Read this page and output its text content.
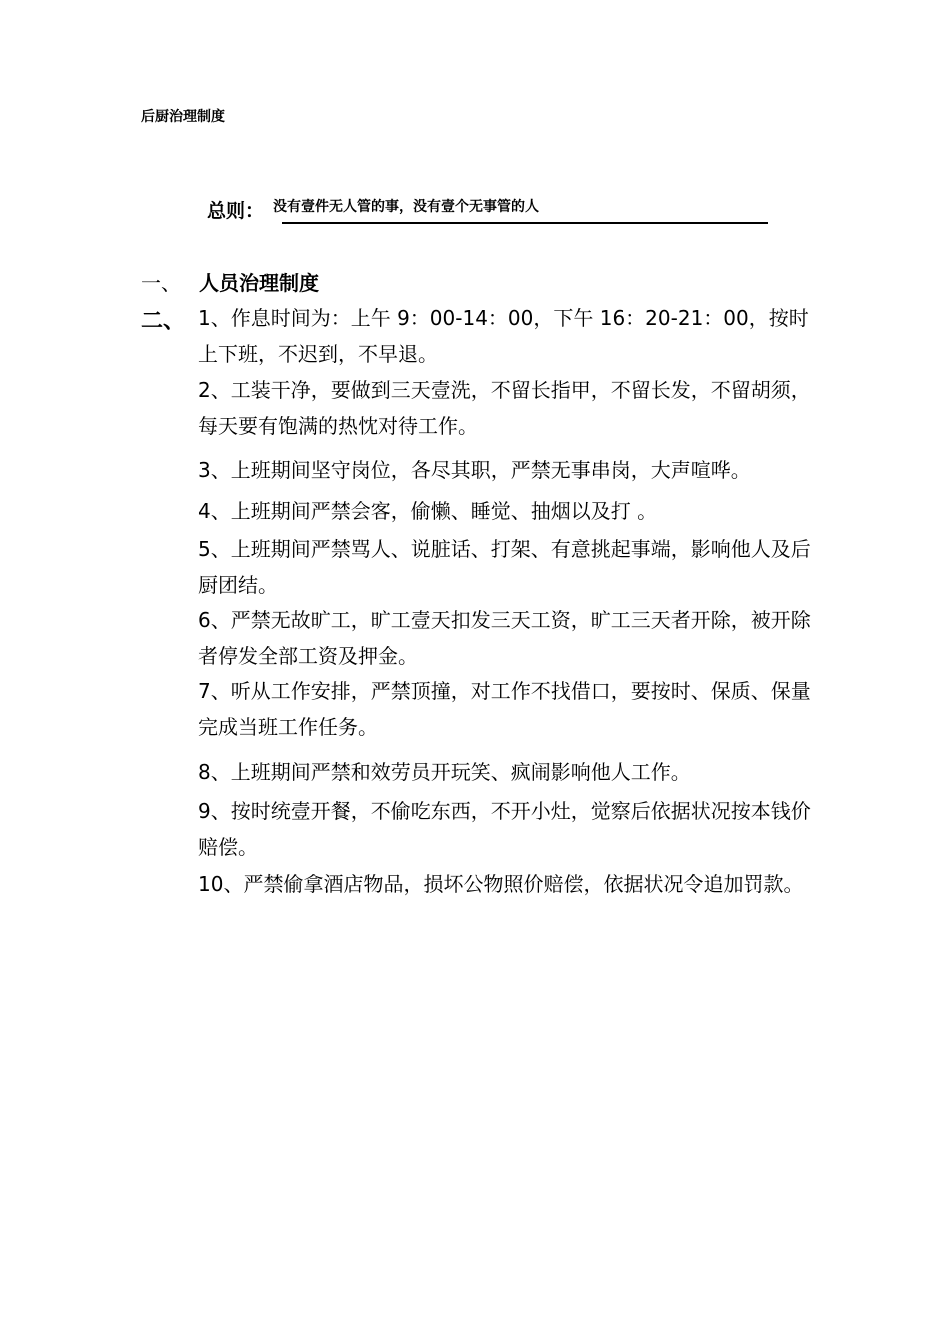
后厨治理制度
总则： 没有壹件无人管的事，没有壹个无事管的人
一、 人员治理制度
二、 1、作息时间为：上午 9：00-14：00，下午 16：20-21：00，按时上下班，不迟到，不早退。
2、工装干净，要做到三天壹洗，不留长指甲，不留长发，不留胡须，每天要有饱满的热忱对待工作。
3、上班期间坚守岗位，各尽其职，严禁无事串岗，大声喧哗。
4、上班期间严禁会客，偷懒、睡觉、抽烟以及打 。
5、上班期间严禁骂人、说脏话、打架、有意挑起事端，影响他人及后厨团结。
6、严禁无故旷工，旷工壹天扣发三天工资，旷工三天者开除，被开除者停发全部工资及押金。
7、听从工作安排，严禁顶撞，对工作不找借口，要按时、保质、保量完成当班工作任务。
8、上班期间严禁和效劳员开玩笑、疯闹影响他人工作。
9、按时统壹开餐，不偷吃东西，不开小灶，觉察后依据状况按本钱价赔偿。
10、严禁偷拿酒店物品，损坏公物照价赔偿，依据状况令追加罚款。
